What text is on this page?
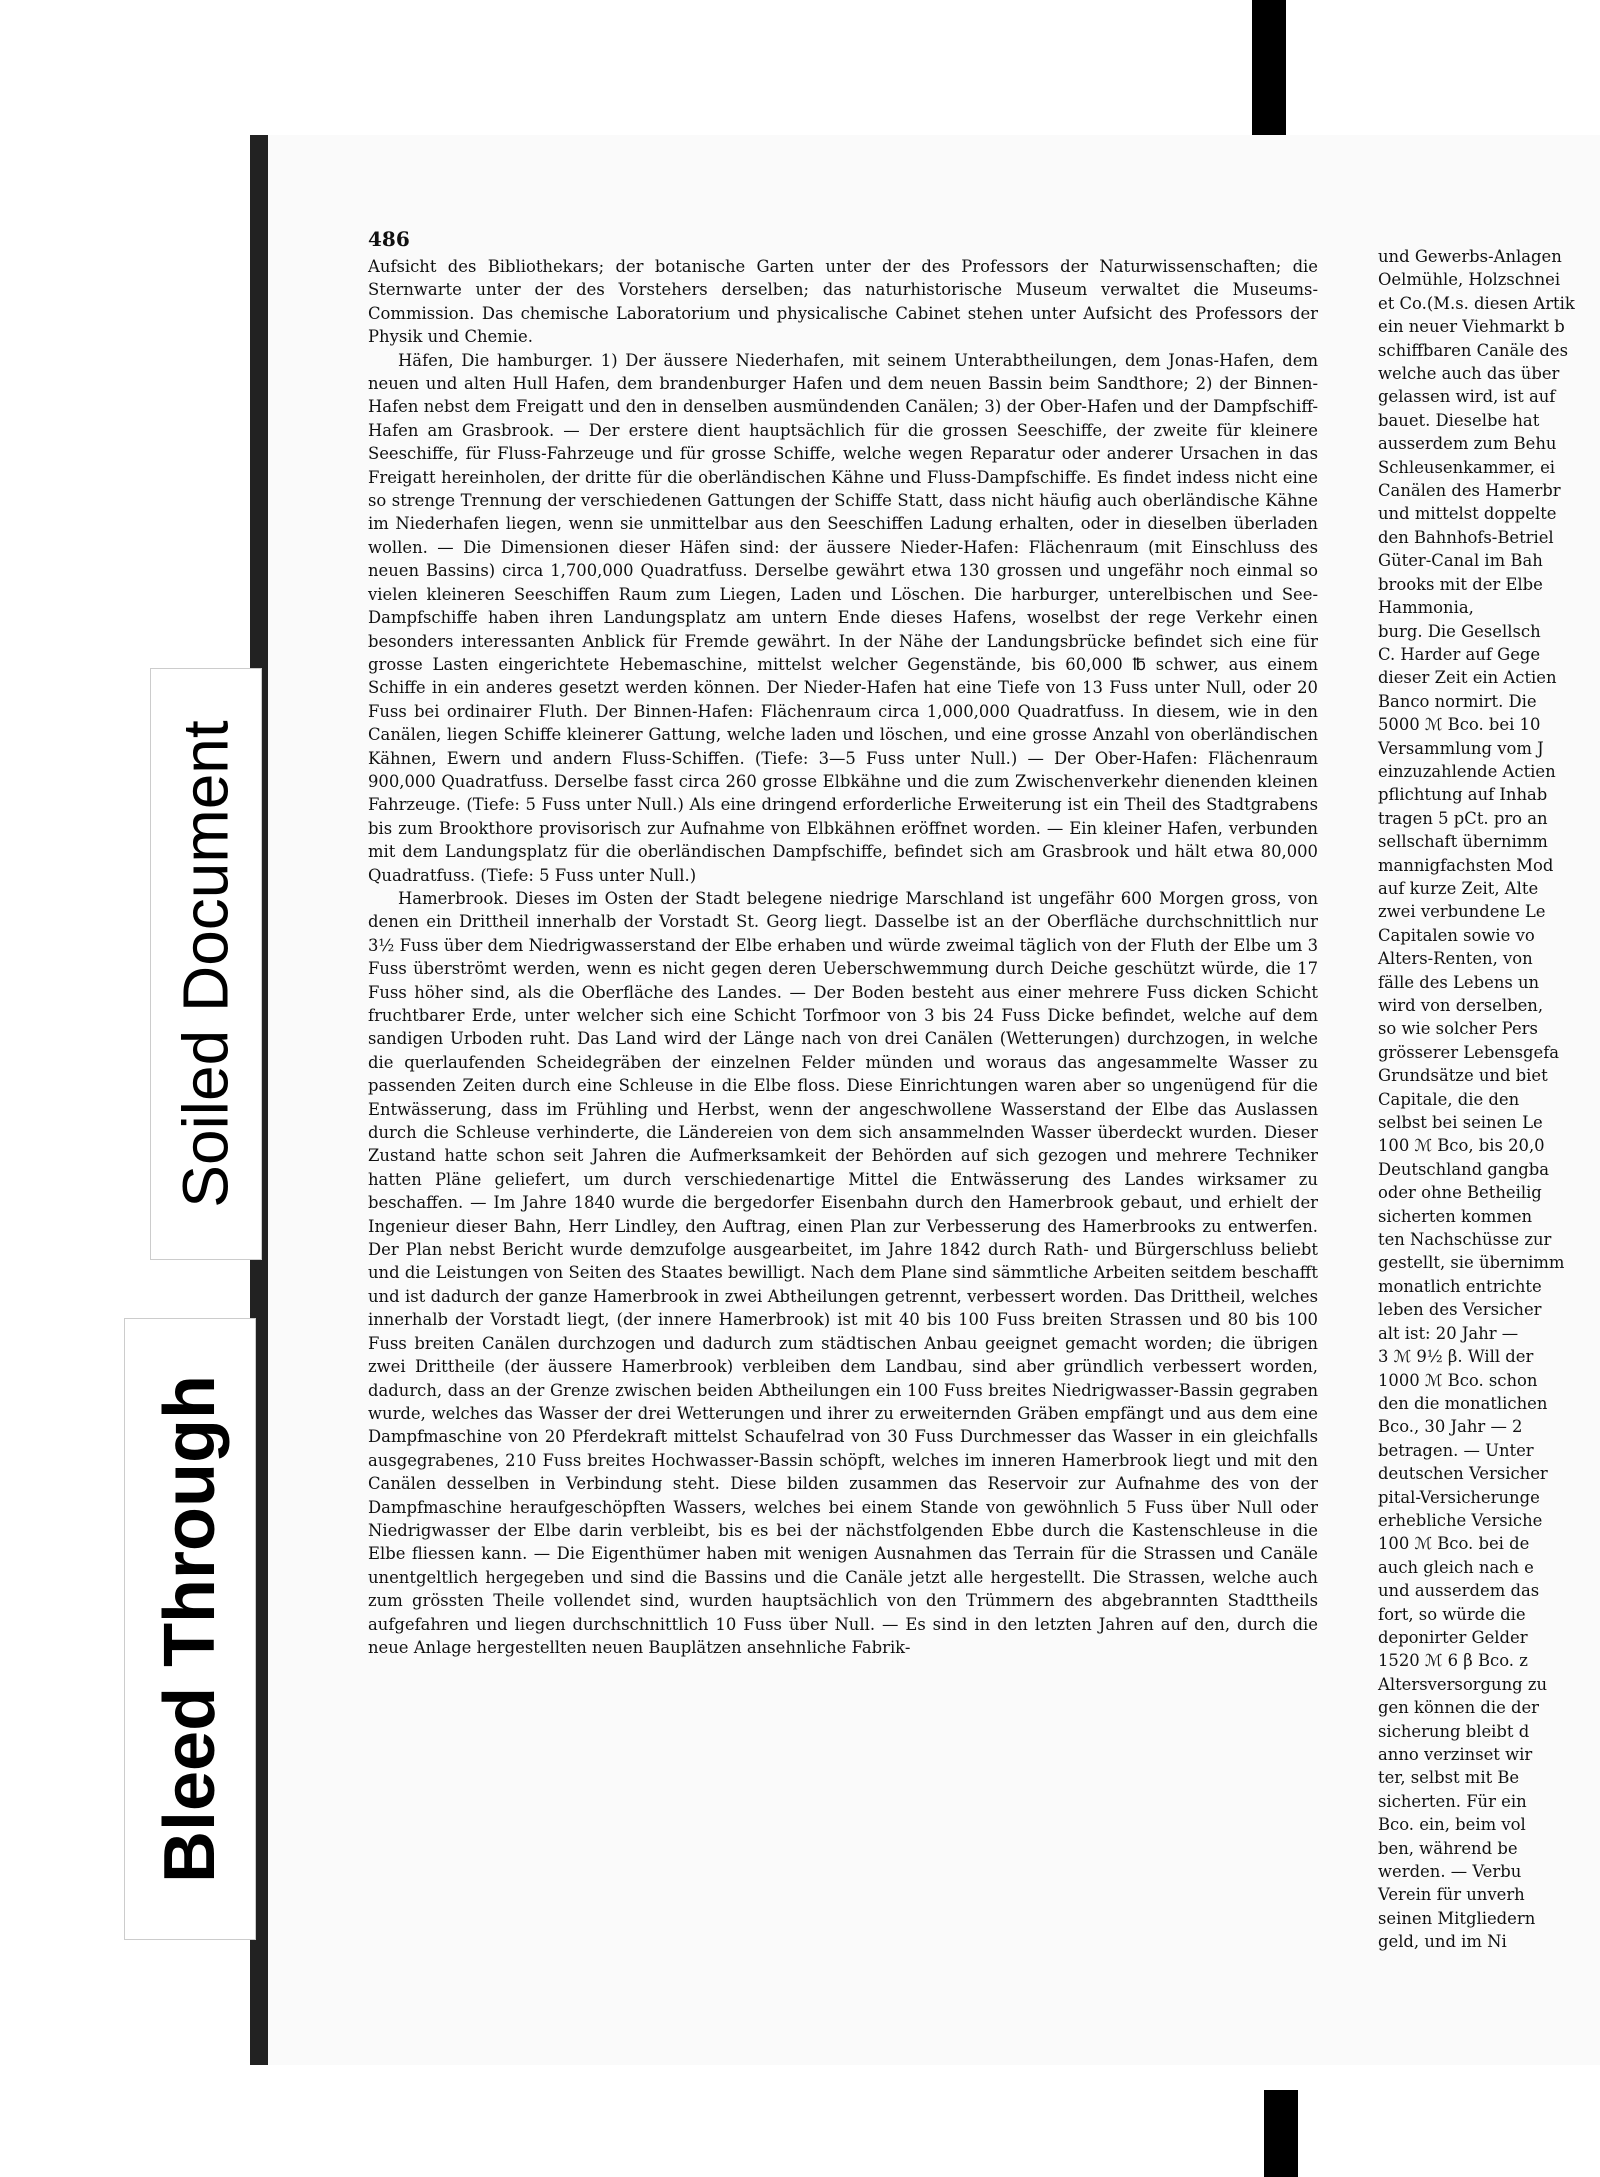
486

Aufsicht des Bibliothekars; der botanische Garten unter der des Professors der Naturwissenschaften; die Sternwarte unter der des Vorstehers derselben; das naturhistorische Museum verwaltet die Museums-Commission. Das chemische Laboratorium und physicalische Cabinet stehen unter Aufsicht des Professors der Physik und Chemie.

Häfen, Die hamburger. 1) Der äussere Niederhafen, mit seinem Unterabtheilungen, dem Jonas-Hafen, dem neuen und alten Hull Hafen, dem brandenburger Hafen und dem neuen Bassin beim Sandthore; 2) der Binnen-Hafen nebst dem Freigatt und den in denselben ausmündenden Canälen; 3) der Ober-Hafen und der Dampfschiff-Hafen am Grasbrook. — Der erstere dient hauptsächlich für die grossen Seeschiffe, der zweite für kleinere Seeschiffe, für Fluss-Fahrzeuge und für grosse Schiffe, welche wegen Reparatur oder anderer Ursachen in das Freigatt hereinholen, der dritte für die oberländischen Kähne und Fluss-Dampfschiffe. Es findet indess nicht eine so strenge Trennung der verschiedenen Gattungen der Schiffe Statt, dass nicht häufig auch oberländische Kähne im Niederhafen liegen, wenn sie unmittelbar aus den Seeschiffen Ladung erhalten, oder in dieselben überladen wollen. — Die Dimensionen dieser Häfen sind: der äussere Nieder-Hafen: Flächenraum (mit Einschluss des neuen Bassins) circa 1,700,000 Quadratfuss. Derselbe gewährt etwa 130 grossen und ungefähr noch einmal so vielen kleineren Seeschiffen Raum zum Liegen, Laden und Löschen. Die harburger, unterelbischen und See-Dampfschiffe haben ihren Landungsplatz am untern Ende dieses Hafens, woselbst der rege Verkehr einen besonders interessanten Anblick für Fremde gewährt. In der Nähe der Landungsbrücke befindet sich eine für grosse Lasten eingerichtete Hebemaschine, mittelst welcher Gegenstände, bis 60,000 ℔ schwer, aus einem Schiffe in ein anderes gesetzt werden können. Der Nieder-Hafen hat eine Tiefe von 13 Fuss unter Null, oder 20 Fuss bei ordinairer Fluth. Der Binnen-Hafen: Flächenraum circa 1,000,000 Quadratfuss. In diesem, wie in den Canälen, liegen Schiffe kleinerer Gattung, welche laden und löschen, und eine grosse Anzahl von oberländischen Kähnen, Ewern und andern Fluss-Schiffen. (Tiefe: 3—5 Fuss unter Null.) — Der Ober-Hafen: Flächenraum 900,000 Quadratfuss. Derselbe fasst circa 260 grosse Elbkähne und die zum Zwischenverkehr dienenden kleinen Fahrzeuge. (Tiefe: 5 Fuss unter Null.) Als eine dringend erforderliche Erweiterung ist ein Theil des Stadtgrabens bis zum Brookthore provisorisch zur Aufnahme von Elbkähnen eröffnet worden. — Ein kleiner Hafen, verbunden mit dem Landungsplatz für die oberländischen Dampfschiffe, befindet sich am Grasbrook und hält etwa 80,000 Quadratfuss. (Tiefe: 5 Fuss unter Null.)

Hamerbrook. Dieses im Osten der Stadt belegene niedrige Marschland ist ungefähr 600 Morgen gross, von denen ein Drittheil innerhalb der Vorstadt St. Georg liegt. Dasselbe ist an der Oberfläche durchschnittlich nur 3½ Fuss über dem Niedrigwasserstand der Elbe erhaben und würde zweimal täglich von der Fluth der Elbe um 3 Fuss überströmt werden, wenn es nicht gegen deren Ueberschwemmung durch Deiche geschützt würde, die 17 Fuss höher sind, als die Oberfläche des Landes. — Der Boden besteht aus einer mehrere Fuss dicken Schicht fruchtbarer Erde, unter welcher sich eine Schicht Torfmoor von 3 bis 24 Fuss Dicke befindet, welche auf dem sandigen Urboden ruht. Das Land wird der Länge nach von drei Canälen (Wetterungen) durchzogen, in welche die querlaufenden Scheidegräben der einzelnen Felder münden und woraus das angesammelte Wasser zu passenden Zeiten durch eine Schleuse in die Elbe floss. Diese Einrichtungen waren aber so ungenügend für die Entwässerung, dass im Frühling und Herbst, wenn der angeschwollene Wasserstand der Elbe das Auslassen durch die Schleuse verhinderte, die Ländereien von dem sich ansammelnden Wasser überdeckt wurden. Dieser Zustand hatte schon seit Jahren die Aufmerksamkeit der Behörden auf sich gezogen und mehrere Techniker hatten Pläne geliefert, um durch verschiedenartige Mittel die Entwässerung des Landes wirksamer zu beschaffen. — Im Jahre 1840 wurde die bergedorfer Eisenbahn durch den Hamerbrook gebaut, und erhielt der Ingenieur dieser Bahn, Herr Lindley, den Auftrag, einen Plan zur Verbesserung des Hamerbrooks zu entwerfen. Der Plan nebst Bericht wurde demzufolge ausgearbeitet, im Jahre 1842 durch Rath- und Bürgerschluss beliebt und die Leistungen von Seiten des Staates bewilligt. Nach dem Plane sind sämmtliche Arbeiten seitdem beschafft und ist dadurch der ganze Hamerbrook in zwei Abtheilungen getrennt, verbessert worden. Das Drittheil, welches innerhalb der Vorstadt liegt, (der innere Hamerbrook) ist mit 40 bis 100 Fuss breiten Strassen und 80 bis 100 Fuss breiten Canälen durchzogen und dadurch zum städtischen Anbau geeignet gemacht worden; die übrigen zwei Drittheile (der äussere Hamerbrook) verbleiben dem Landbau, sind aber gründlich verbessert worden, dadurch, dass an der Grenze zwischen beiden Abtheilungen ein 100 Fuss breites Niedrigwasser-Bassin gegraben wurde, welches das Wasser der drei Wetterungen und ihrer zu erweiternden Gräben empfängt und aus dem eine Dampfmaschine von 20 Pferdekraft mittelst Schaufelrad von 30 Fuss Durchmesser das Wasser in ein gleichfalls ausgegrabenes, 210 Fuss breites Hochwasser-Bassin schöpft, welches im inneren Hamerbrook liegt und mit den Canälen desselben in Verbindung steht. Diese bilden zusammen das Reservoir zur Aufnahme des von der Dampfmaschine heraufgeschöpften Wassers, welches bei einem Stande von gewöhnlich 5 Fuss über Null oder Niedrigwasser der Elbe darin verbleibt, bis es bei der nächstfolgenden Ebbe durch die Kastenschleuse in die Elbe fliessen kann. — Die Eigenthümer haben mit wenigen Ausnahmen das Terrain für die Strassen und Canäle unentgeltlich hergegeben und sind die Bassins und die Canäle jetzt alle hergestellt. Die Strassen, welche auch zum grössten Theile vollendet sind, wurden hauptsächlich von den Trümmern des abgebrannten Stadttheils aufgefahren und liegen durchschnittlich 10 Fuss über Null. — Es sind in den letzten Jahren auf den, durch die neue Anlage hergestellten neuen Bauplätzen ansehnliche Fabrik-

und Gewerbs-Anlagen
Oelmühle, Holzschnei
et Co.(M.s. diesen Artik
ein neuer Viehmarkt b
schiffbaren Canäle des
welche auch das über
gelassen wird, ist auf
bauet. Dieselbe hat
ausserdem zum Behu
Schleusenkammer, ei
Canälen des Hamerbr
und mittelst doppelte
den Bahnhofs-Betriel
Güter-Canal im Bah
brooks mit der Elbe
Hammonia,
burg. Die Gesellsch
C. Harder auf Gege
dieser Zeit ein Actien
Banco normirt. Die
5000 ℳ Bco. bei 10
Versammlung vom J
einzuzahlende Actien
pflichtung auf Inhab
tragen 5 pCt. pro an
sellschaft übernimm
mannigfachsten Mod
auf kurze Zeit, Alte
zwei verbundene Le
Capitalen sowie vo
Alters-Renten, von
fälle des Lebens un
wird von derselben,
so wie solcher Pers
grösserer Lebensgefa
Grundsätze und biet
Capitale, die den
selbst bei seinen Le
100 ℳ Bco, bis 20,0
Deutschland gangba
oder ohne Betheilig
sicherten kommen
ten Nachschüsse zur
gestellt, sie übernimm
monatlich entrichte
leben des Versicher
alt ist: 20 Jahr —
3 ℳ 9½ β. Will der
1000 ℳ Bco. schon
den die monatlichen
Bco., 30 Jahr — 2
betragen. — Unter
deutschen Versicher
pital-Versicherunge
erhebliche Versiche
100 ℳ Bco. bei de
auch gleich nach e
und ausserdem das
fort, so würde die
deponirter Gelder
1520 ℳ 6 β Bco. z
Altersversorgung zu
gen können die der
sicherung bleibt d
anno verzinset wir
ter, selbst mit Be
sicherten. Für ein
Bco. ein, beim vol
ben, während be
werden. — Verbu
Verein für unverh
seinen Mitgliedern
geld, und im Ni
Soiled Document
Bleed Through
